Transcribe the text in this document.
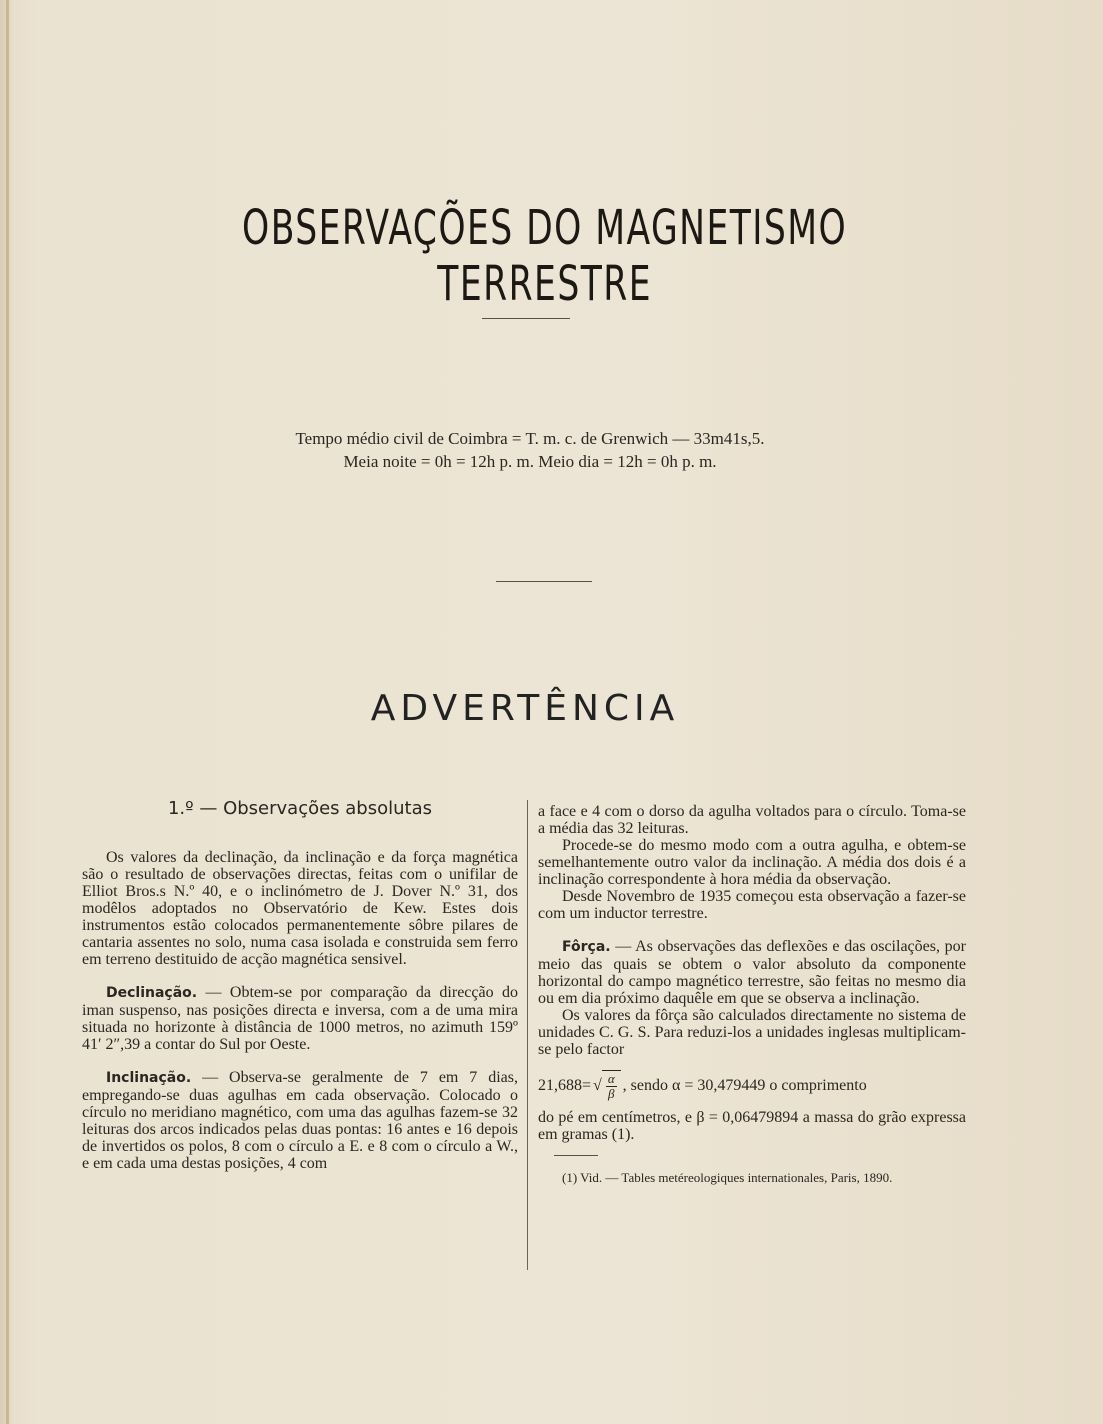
OBSERVAÇÕES DO MAGNETISMO TERRESTRE
Tempo médio civil de Coimbra = T. m. c. de Grenwich — 33m41s,5.
Meia noite = 0h = 12h p. m. Meio dia = 12h = 0h p. m.
ADVERTÊNCIA

1.º — Observações absolutas

Os valores da declinação, da inclinação e da força magnética são o resultado de observações directas, feitas com o unifilar de Elliot Bros.s N.º 40, e o inclinómetro de J. Dover N.º 31, dos modêlos adoptados no Observatório de Kew. Estes dois instrumentos estão colocados permanentemente sôbre pilares de cantaria assentes no solo, numa casa isolada e construida sem ferro em terreno destituido de acção magnética sensivel.

Declinação. — Obtem-se por comparação da direcção do iman suspenso, nas posições directa e inversa, com a de uma mira situada no horizonte à distância de 1000 metros, no azimuth 159º 41′ 2″,39 a contar do Sul por Oeste.

Inclinação. — Observa-se geralmente de 7 em 7 dias, empregando-se duas agulhas em cada observação. Colocado o círculo no meridiano magnético, com uma das agulhas fazem-se 32 leituras dos arcos indicados pelas duas pontas: 16 antes e 16 depois de invertidos os polos, 8 com o círculo a E. e 8 com o círculo a W., e em cada uma destas posições, 4 com

a face e 4 com o dorso da agulha voltados para o círculo. Toma-se a média das 32 leituras.

Procede-se do mesmo modo com a outra agulha, e obtem-se semelhantemente outro valor da inclinação. A média dos dois é a inclinação correspondente à hora média da observação.

Desde Novembro de 1935 começou esta observação a fazer-se com um inductor terrestre.

Fôrça. — As observações das deflexões e das oscilações, por meio das quais se obtem o valor absoluto da componente horizontal do campo magnético terrestre, são feitas no mesmo dia ou em dia próximo daquêle em que se observa a inclinação.

Os valores da fôrça são calculados directamente no sistema de unidades C. G. S. Para reduzi-los a unidades inglesas multiplicam-se pelo factor

21,688= √ $\frac{\alpha}{\beta}$ , sendo α = 30,479449 o comprimento

do pé em centímetros, e β = 0,06479894 a massa do grão expressa em gramas (1).

(1) Vid. — Tables metéreologiques internationales, Paris, 1890.
